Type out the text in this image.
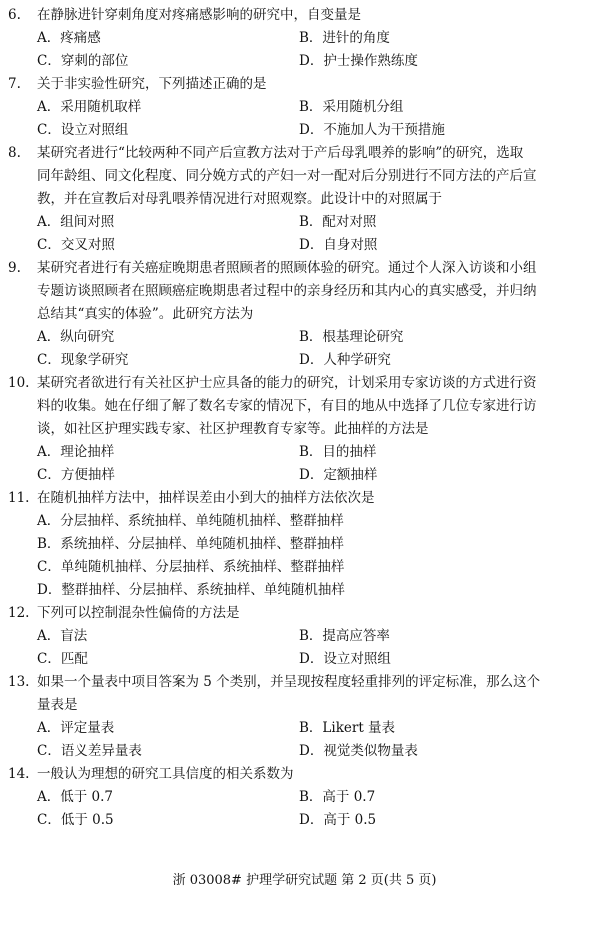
6.	在静脉进针穿刺角度对疼痛感影响的研究中，自变量是
A．疼痛感	B．进针的角度
C．穿刺的部位	D．护士操作熟练度
7.	关于非实验性研究，下列描述正确的是
A．采用随机取样	B．采用随机分组
C．设立对照组	D．不施加人为干预措施
8.	某研究者进行“比较两种不同产后宣教方法对于产后母乳喂养的影响”的研究，选取
同年龄组、同文化程度、同分娩方式的产妇一对一配对后分别进行不同方法的产后宣
教，并在宣教后对母乳喂养情况进行对照观察。此设计中的对照属于
A．组间对照	B．配对对照
C．交叉对照	D．自身对照
9.	某研究者进行有关癌症晚期患者照顾者的照顾体验的研究。通过个人深入访谈和小组
专题访谈照顾者在照顾癌症晚期患者过程中的亲身经历和其内心的真实感受，并归纳
总结其“真实的体验”。此研究方法为
A．纵向研究	B．根基理论研究
C．现象学研究	D．人种学研究
10. 某研究者欲进行有关社区护士应具备的能力的研究，计划采用专家访谈的方式进行资
料的收集。她在仔细了解了数名专家的情况下，有目的地从中选择了几位专家进行访
谈，如社区护理实践专家、社区护理教育专家等。此抽样的方法是
A．理论抽样	B．目的抽样
C．方便抽样	D．定额抽样
11. 在随机抽样方法中，抽样误差由小到大的抽样方法依次是
A．分层抽样、系统抽样、单纯随机抽样、整群抽样
B．系统抽样、分层抽样、单纯随机抽样、整群抽样
C．单纯随机抽样、分层抽样、系统抽样、整群抽样
D．整群抽样、分层抽样、系统抽样、单纯随机抽样
12. 下列可以控制混杂性偏倚的方法是
A．盲法	B．提高应答率
C．匹配	D．设立对照组
13. 如果一个量表中项目答案为 5 个类别，并呈现按程度轻重排列的评定标准，那么这个
量表是
A．评定量表	B．Likert 量表
C．语义差异量表	D．视觉类似物量表
14. 一般认为理想的研究工具信度的相关系数为
A．低于 0.7	B．高于 0.7
C．低于 0.5	D．高于 0.5
浙 03008# 护理学研究试题 第 2 页(共 5 页)
